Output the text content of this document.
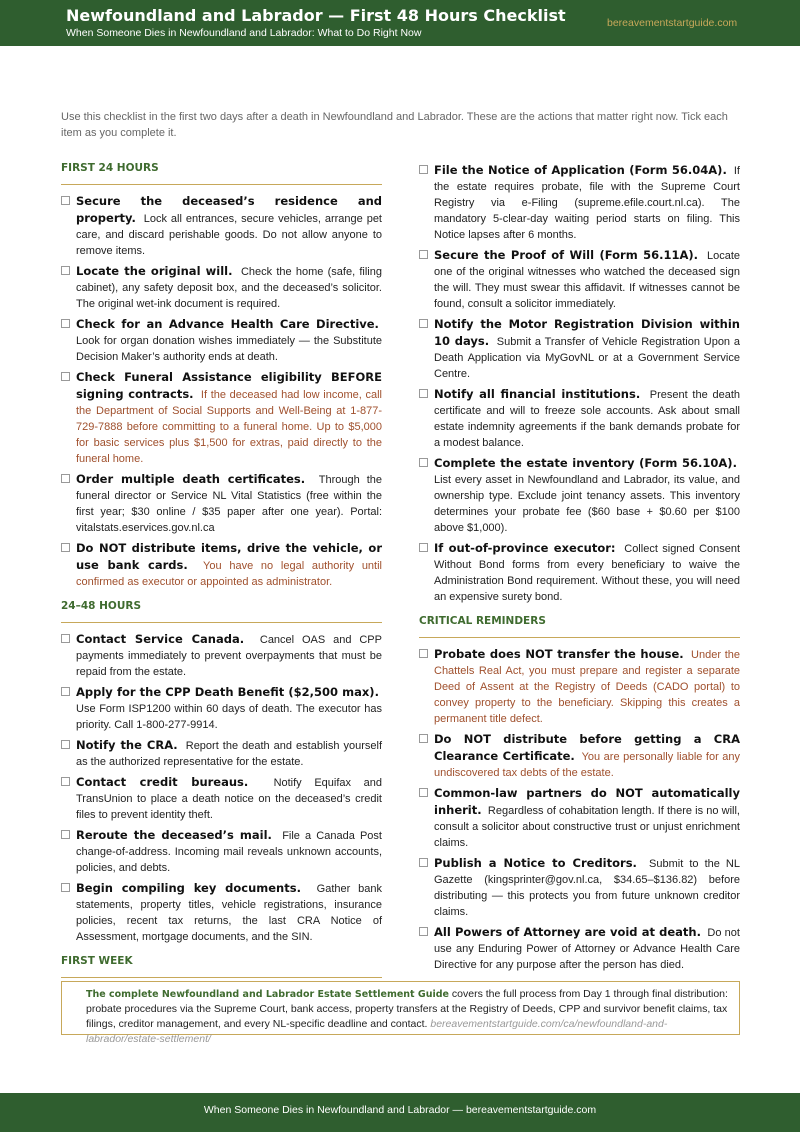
Newfoundland and Labrador — First 48 Hours Checklist
When Someone Dies in Newfoundland and Labrador: What to Do Right Now
bereavementstartguide.com
Use this checklist in the first two days after a death in Newfoundland and Labrador. These are the actions that matter right now. Tick each item as you complete it.
FIRST 24 HOURS
Secure the deceased’s residence and property. Lock all entrances, secure vehicles, arrange pet care, and discard perishable goods. Do not allow anyone to remove items.
Locate the original will. Check the home (safe, filing cabinet), any safety deposit box, and the deceased’s solicitor. The original wet-ink document is required.
Check for an Advance Health Care Directive.  Look for organ donation wishes immediately — the Substitute Decision Maker’s authority ends at death.
Check Funeral Assistance eligibility BEFORE signing contracts. If the deceased had low income, call the Department of Social Supports and Well-Being at 1-877-729-7888 before committing to a funeral home. Up to $5,000 for basic services plus $1,500 for extras, paid directly to the funeral home.
Order multiple death certificates. Through the funeral director or Service NL Vital Statistics (free within the first year; $30 online / $35 paper after one year). Portal: vitalstats.eservices.gov.nl.ca
Do NOT distribute items, drive the vehicle, or use bank cards. You have no legal authority until confirmed as executor or appointed as administrator.
24–48 HOURS
Contact Service Canada. Cancel OAS and CPP payments immediately to prevent overpayments that must be repaid from the estate.
Apply for the CPP Death Benefit ($2,500 max).  Use Form ISP1200 within 60 days of death. The executor has priority. Call 1-800-277-9914.
Notify the CRA. Report the death and establish yourself as the authorized representative for the estate.
Contact credit bureaus. Notify Equifax and TransUnion to place a death notice on the deceased’s credit files to prevent identity theft.
Reroute the deceased’s mail. File a Canada Post change-of-address. Incoming mail reveals unknown accounts, policies, and debts.
Begin compiling key documents. Gather bank statements, property titles, vehicle registrations, insurance policies, recent tax returns, the last CRA Notice of Assessment, mortgage documents, and the SIN.
FIRST WEEK
File the Notice of Application (Form 56.04A). If the estate requires probate, file with the Supreme Court Registry via e-Filing (supreme.efile.court.nl.ca). The mandatory 5-clear-day waiting period starts on filing. This Notice lapses after 6 months.
Secure the Proof of Will (Form 56.11A). Locate one of the original witnesses who watched the deceased sign the will. They must swear this affidavit. If witnesses cannot be found, consult a solicitor immediately.
Notify the Motor Registration Division within 10 days. Submit a Transfer of Vehicle Registration Upon a Death Application via MyGovNL or at a Government Service Centre.
Notify all financial institutions. Present the death certificate and will to freeze sole accounts. Ask about small estate indemnity agreements if the bank demands probate for a modest balance.
Complete the estate inventory (Form 56.10A).  List every asset in Newfoundland and Labrador, its value, and ownership type. Exclude joint tenancy assets. This inventory determines your probate fee ($60 base + $0.60 per $100 above $1,000).
If out-of-province executor: Collect signed Consent Without Bond forms from every beneficiary to waive the Administration Bond requirement. Without these, you will need an expensive surety bond.
CRITICAL REMINDERS
Probate does NOT transfer the house. Under the Chattels Real Act, you must prepare and register a separate Deed of Assent at the Registry of Deeds (CADO portal) to convey property to the beneficiary. Skipping this creates a permanent title defect.
Do NOT distribute before getting a CRA Clearance Certificate. You are personally liable for any undiscovered tax debts of the estate.
Common-law partners do NOT automatically inherit. Regardless of cohabitation length. If there is no will, consult a solicitor about constructive trust or unjust enrichment claims.
Publish a Notice to Creditors. Submit to the NL Gazette (kingsprinter@gov.nl.ca, $34.65–$136.82) before distributing — this protects you from future unknown creditor claims.
All Powers of Attorney are void at death. Do not use any Enduring Power of Attorney or Advance Health Care Directive for any purpose after the person has died.
The complete Newfoundland and Labrador Estate Settlement Guide covers the full process from Day 1 through final distribution: probate procedures via the Supreme Court, bank access, property transfers at the Registry of Deeds, CPP and survivor benefit claims, tax filings, creditor management, and every NL-specific deadline and contact. bereavementstartguide.com/ca/newfoundland-and-labrador/estate-settlement/
When Someone Dies in Newfoundland and Labrador — bereavementstartguide.com
